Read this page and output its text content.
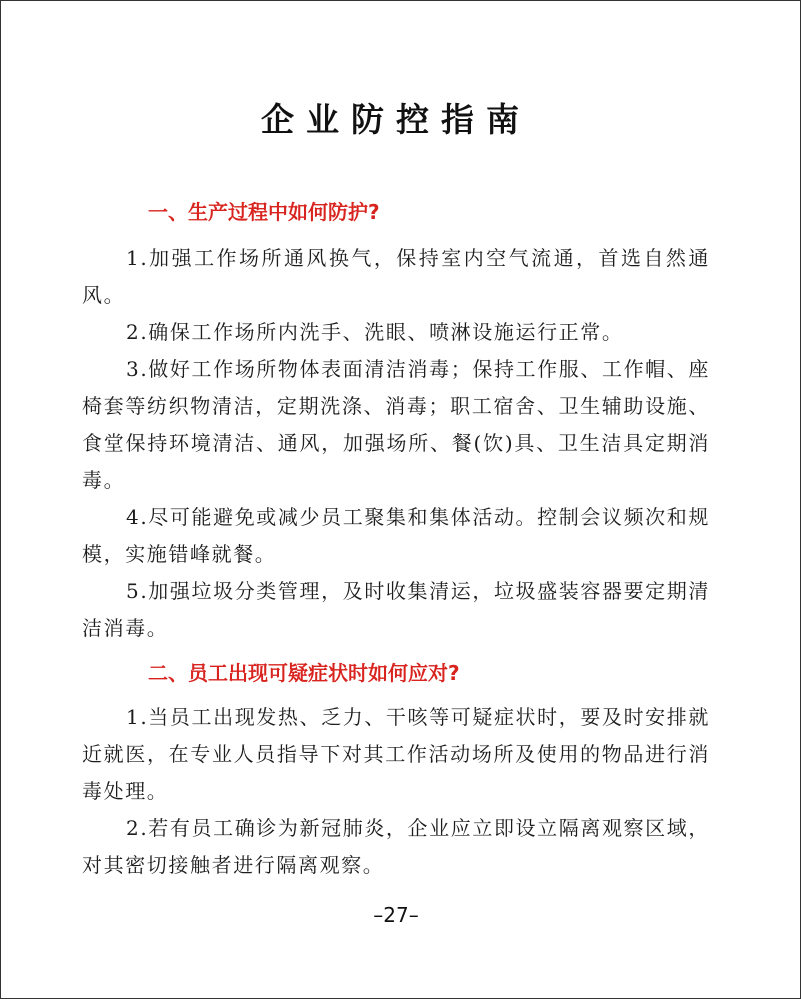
企业防控指南
一、生产过程中如何防护?
1.加强工作场所通风换气，保持室内空气流通，首选自然通风。
2.确保工作场所内洗手、洗眼、喷淋设施运行正常。
3.做好工作场所物体表面清洁消毒；保持工作服、工作帽、座椅套等纺织物清洁，定期洗涤、消毒；职工宿舍、卫生辅助设施、食堂保持环境清洁、通风，加强场所、餐(饮)具、卫生洁具定期消毒。
4.尽可能避免或减少员工聚集和集体活动。控制会议频次和规模，实施错峰就餐。
5.加强垃圾分类管理，及时收集清运，垃圾盛装容器要定期清洁消毒。
二、员工出现可疑症状时如何应对?
1.当员工出现发热、乏力、干咳等可疑症状时，要及时安排就近就医，在专业人员指导下对其工作活动场所及使用的物品进行消毒处理。
2.若有员工确诊为新冠肺炎，企业应立即设立隔离观察区域，对其密切接触者进行隔离观察。
–27–
